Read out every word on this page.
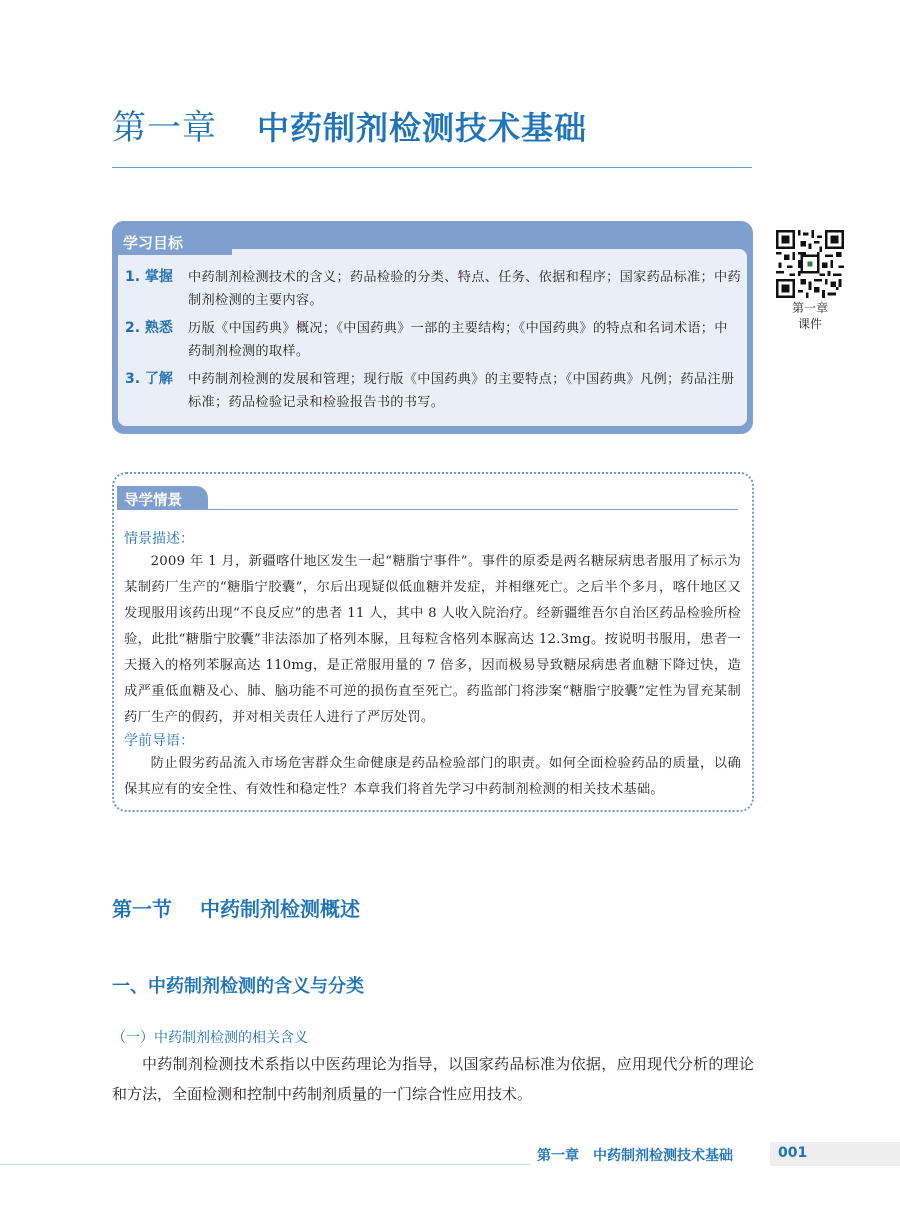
第一章 中药制剂检测技术基础
学习目标
1. 掌握	中药制剂检测技术的含义；药品检验的分类、特点、任务、依据和程序；国家药品标准；中药制剂检测的主要内容。
2. 熟悉	历版《中国药典》概况；《中国药典》一部的主要结构；《中国药典》的特点和名词术语；中药制剂检测的取样。
3. 了解	中药制剂检测的发展和管理；现行版《中国药典》的主要特点；《中国药典》凡例；药品注册标准；药品检验记录和检验报告书的书写。
第一章
课件
导学情景
情景描述：
2009 年 1 月，新疆喀什地区发生一起“糖脂宁事件”。事件的原委是两名糖尿病患者服用了标示为某制药厂生产的“糖脂宁胶囊”，尔后出现疑似低血糖并发症，并相继死亡。之后半个多月，喀什地区又发现服用该药出现“不良反应”的患者 11 人，其中 8 人收入院治疗。经新疆维吾尔自治区药品检验所检验，此批“糖脂宁胶囊”非法添加了格列本脲，且每粒含格列本脲高达 12.3mg。按说明书服用，患者一天摄入的格列苯脲高达 110mg，是正常服用量的 7 倍多，因而极易导致糖尿病患者血糖下降过快，造成严重低血糖及心、肺、脑功能不可逆的损伤直至死亡。药监部门将涉案“糖脂宁胶囊”定性为冒充某制药厂生产的假药，并对相关责任人进行了严厉处罚。
学前导语：
防止假劣药品流入市场危害群众生命健康是药品检验部门的职责。如何全面检验药品的质量，以确保其应有的安全性、有效性和稳定性？本章我们将首先学习中药制剂检测的相关技术基础。
第一节 中药制剂检测概述
一、中药制剂检测的含义与分类
（一）中药制剂检测的相关含义
中药制剂检测技术系指以中医药理论为指导，以国家药品标准为依据，应用现代分析的理论和方法，全面检测和控制中药制剂质量的一门综合性应用技术。
第一章　中药制剂检测技术基础	001
